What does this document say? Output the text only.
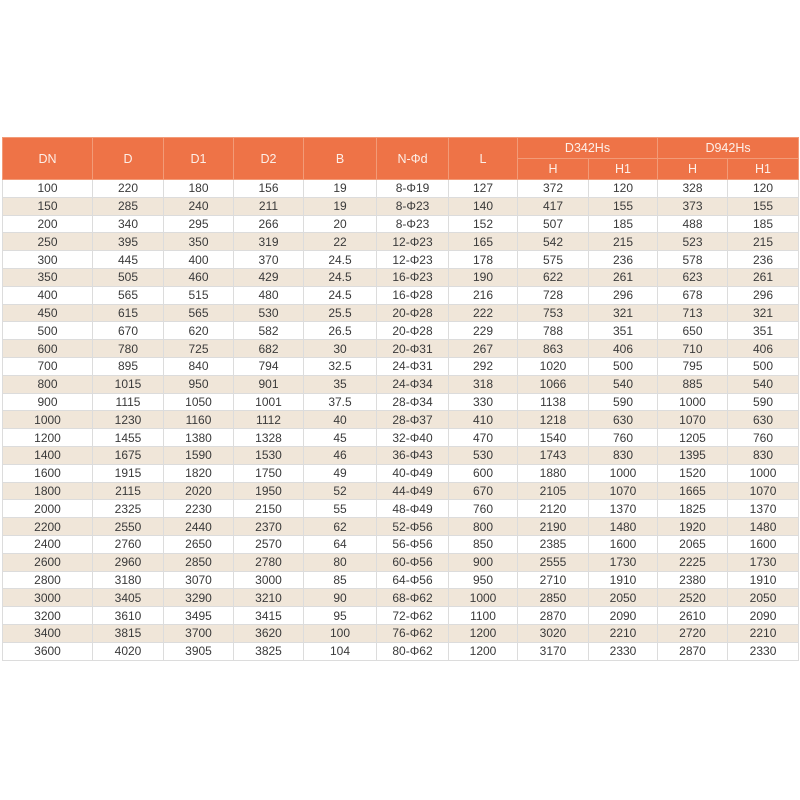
DN	D	D1	D2	B	N-Φd	L	D342Hs		D942Hs	
							H	H1	H	H1
100	220	180	156	19	8-Φ19	127	372	120	328	120
150	285	240	211	19	8-Φ23	140	417	155	373	155
200	340	295	266	20	8-Φ23	152	507	185	488	185
250	395	350	319	22	12-Φ23	165	542	215	523	215
300	445	400	370	24.5	12-Φ23	178	575	236	578	236
350	505	460	429	24.5	16-Φ23	190	622	261	623	261
400	565	515	480	24.5	16-Φ28	216	728	296	678	296
450	615	565	530	25.5	20-Φ28	222	753	321	713	321
500	670	620	582	26.5	20-Φ28	229	788	351	650	351
600	780	725	682	30	20-Φ31	267	863	406	710	406
700	895	840	794	32.5	24-Φ31	292	1020	500	795	500
800	1015	950	901	35	24-Φ34	318	1066	540	885	540
900	1115	1050	1001	37.5	28-Φ34	330	1138	590	1000	590
1000	1230	1160	1112	40	28-Φ37	410	1218	630	1070	630
1200	1455	1380	1328	45	32-Φ40	470	1540	760	1205	760
1400	1675	1590	1530	46	36-Φ43	530	1743	830	1395	830
1600	1915	1820	1750	49	40-Φ49	600	1880	1000	1520	1000
1800	2115	2020	1950	52	44-Φ49	670	2105	1070	1665	1070
2000	2325	2230	2150	55	48-Φ49	760	2120	1370	1825	1370
2200	2550	2440	2370	62	52-Φ56	800	2190	1480	1920	1480
2400	2760	2650	2570	64	56-Φ56	850	2385	1600	2065	1600
2600	2960	2850	2780	80	60-Φ56	900	2555	1730	2225	1730
2800	3180	3070	3000	85	64-Φ56	950	2710	1910	2380	1910
3000	3405	3290	3210	90	68-Φ62	1000	2850	2050	2520	2050
3200	3610	3495	3415	95	72-Φ62	1100	2870	2090	2610	2090
3400	3815	3700	3620	100	76-Φ62	1200	3020	2210	2720	2210
3600	4020	3905	3825	104	80-Φ62	1200	3170	2330	2870	2330
